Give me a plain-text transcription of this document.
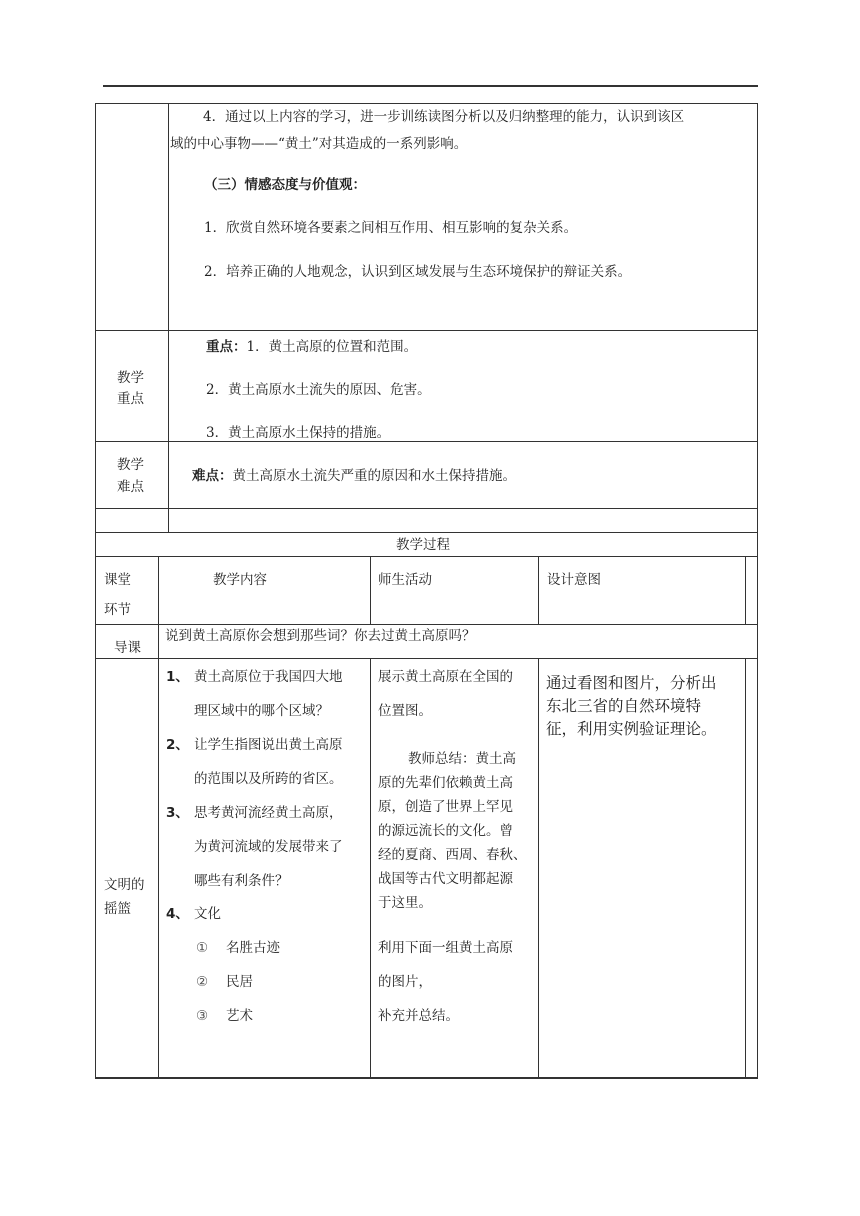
4．通过以上内容的学习，进一步训练读图分析以及归纳整理的能力，认识到该区
域的中心事物——“黄土”对其造成的一系列影响。
（三）情感态度与价值观：
1．欣赏自然环境各要素之间相互作用、相互影响的复杂关系。
2．培养正确的人地观念，认识到区域发展与生态环境保护的辩证关系。
教学
重点
重点：1．黄土高原的位置和范围。
2．黄土高原水土流失的原因、危害。
3．黄土高原水土保持的措施。
教学
难点
难点：黄土高原水土流失严重的原因和水土保持措施。
教学过程
课堂
环节
教学内容	师生活动	设计意图
导课
说到黄土高原你会想到那些词？你去过黄土高原吗？
文明的
摇篮
1、 黄土高原位于我国四大地
理区域中的哪个区域？
2、 让学生指图说出黄土高原
的范围以及所跨的省区。
3、 思考黄河流经黄土高原，
为黄河流域的发展带来了
哪些有利条件？
4、 文化
① 名胜古迹
② 民居
③ 艺术
展示黄土高原在全国的
位置图。
教师总结：黄土高
原的先辈们依赖黄土高
原，创造了世界上罕见
的源远流长的文化。曾
经的夏商、西周、春秋、
战国等古代文明都起源
于这里。
利用下面一组黄土高原
的图片，
补充并总结。
通过看图和图片，分析出
东北三省的自然环境特
征，利用实例验证理论。
